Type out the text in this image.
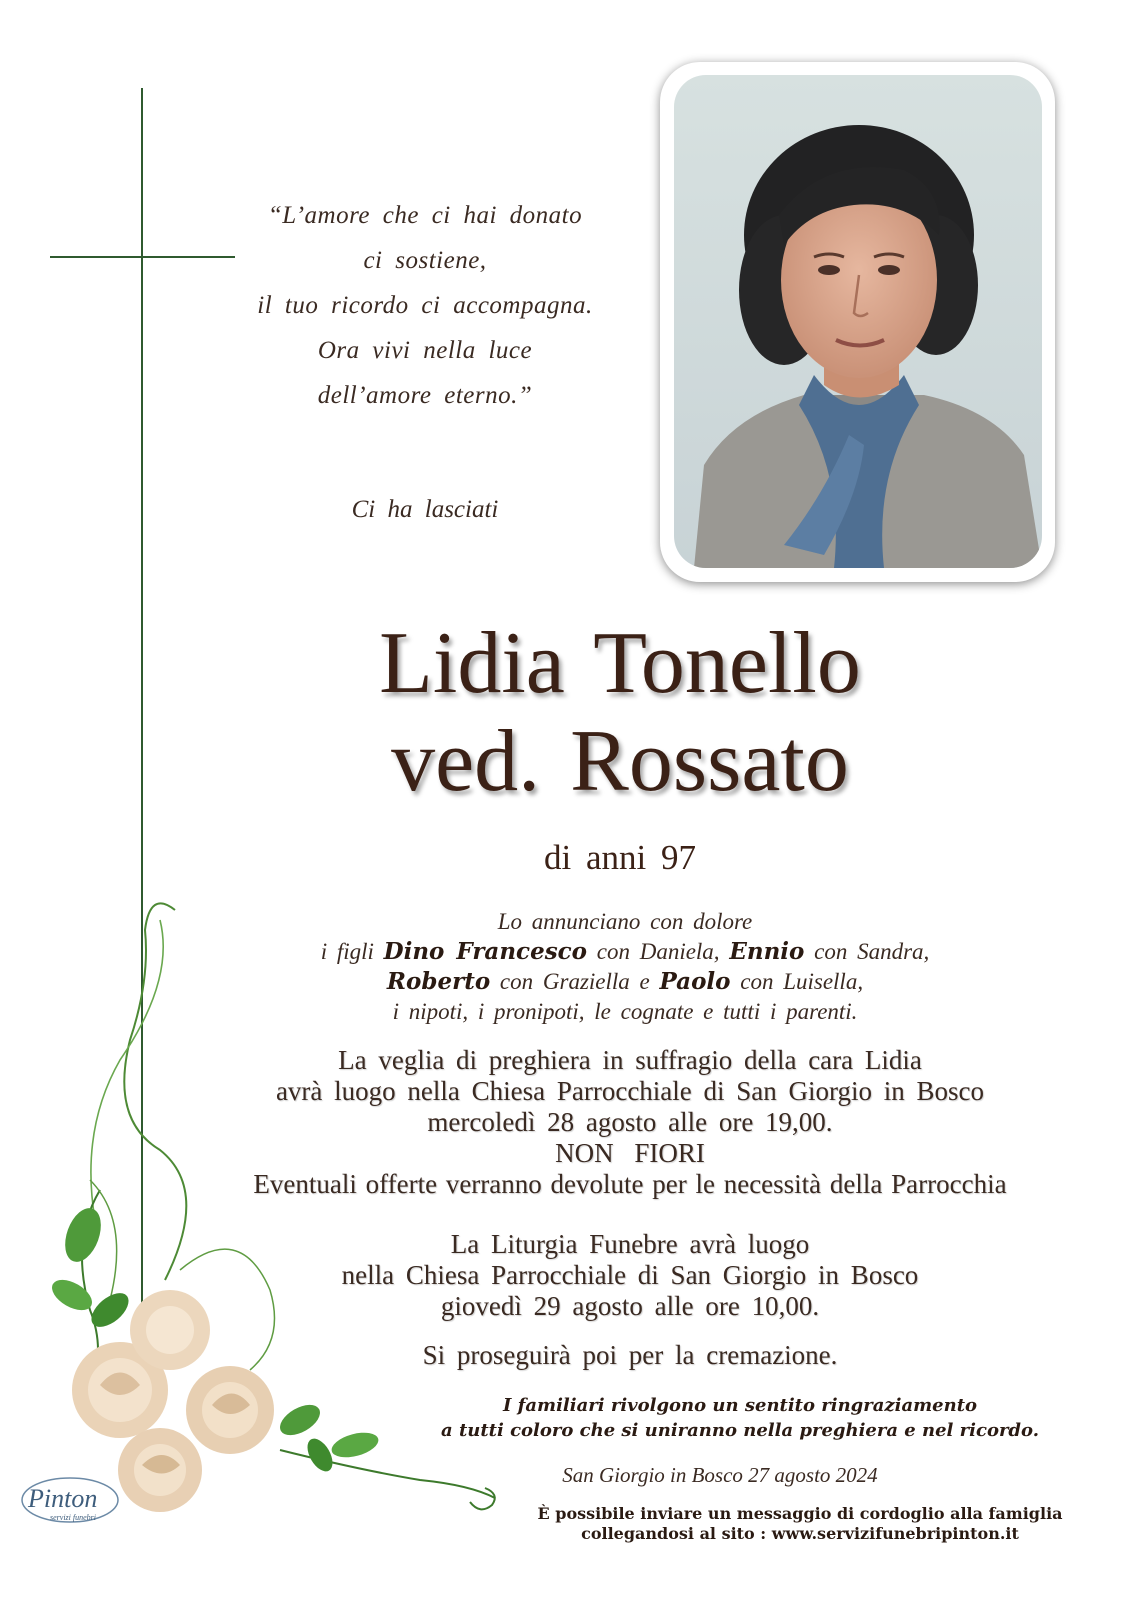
“L’amore che ci hai donato
ci sostiene,
il tuo ricordo ci accompagna.
Ora vivi nella luce
dell’amore eterno.”
Ci ha lasciati
Lidia Tonello
ved. Rossato
di anni 97
Lo annunciano con dolore
i figli Dino Francesco con Daniela, Ennio con Sandra,
Roberto con Graziella e Paolo con Luisella,
i nipoti, i pronipoti, le cognate e tutti i parenti.
La veglia di preghiera in suffragio della cara Lidia
avrà luogo nella Chiesa Parrocchiale di San Giorgio in Bosco
mercoledì 28 agosto alle ore 19,00.
NON FIORI
Eventuali offerte verranno devolute per le necessità della Parrocchia
La Liturgia Funebre avrà luogo
nella Chiesa Parrocchiale di San Giorgio in Bosco
giovedì 29 agosto alle ore 10,00.
Si proseguirà poi per la cremazione.
I familiari rivolgono un sentito ringraziamento
a tutti coloro che si uniranno nella preghiera e nel ricordo.
San Giorgio in Bosco 27 agosto 2024
È possibile inviare un messaggio di cordoglio alla famiglia
collegandosi al sito : www.servizifunebripinton.it
Pinton
servizi funebri
